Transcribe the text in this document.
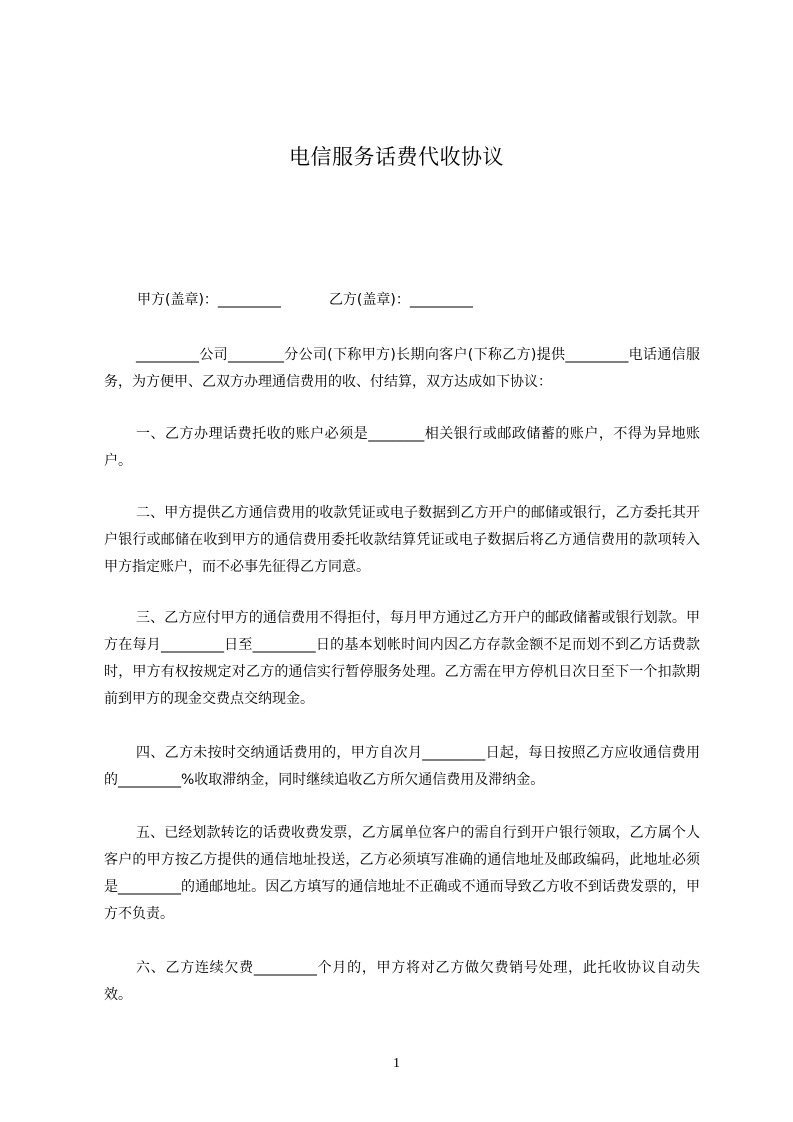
电信服务话费代收协议
甲方(盖章)：_________	乙方(盖章)：_________

_________公司________分公司(下称甲方)长期向客户(下称乙方)提供_________电话通信服务，为方便甲、乙双方办理通信费用的收、付结算，双方达成如下协议：

一、乙方办理话费托收的账户必须是________相关银行或邮政储蓄的账户，不得为异地账户。

二、甲方提供乙方通信费用的收款凭证或电子数据到乙方开户的邮储或银行，乙方委托其开户银行或邮储在收到甲方的通信费用委托收款结算凭证或电子数据后将乙方通信费用的款项转入甲方指定账户，而不必事先征得乙方同意。

三、乙方应付甲方的通信费用不得拒付，每月甲方通过乙方开户的邮政储蓄或银行划款。甲方在每月_________日至_________日的基本划帐时间内因乙方存款金额不足而划不到乙方话费款时，甲方有权按规定对乙方的通信实行暂停服务处理。乙方需在甲方停机日次日至下一个扣款期前到甲方的现金交费点交纳现金。

四、乙方未按时交纳通话费用的，甲方自次月_________日起，每日按照乙方应收通信费用的_________%收取滞纳金，同时继续追收乙方所欠通信费用及滞纳金。

五、已经划款转讫的话费收费发票，乙方属单位客户的需自行到开户银行领取，乙方属个人客户的甲方按乙方提供的通信地址投送，乙方必须填写准确的通信地址及邮政编码，此地址必须是_________的通邮地址。因乙方填写的通信地址不正确或不通而导致乙方收不到话费发票的，甲方不负责。

六、乙方连续欠费_________个月的，甲方将对乙方做欠费销号处理，此托收协议自动失效。

1
